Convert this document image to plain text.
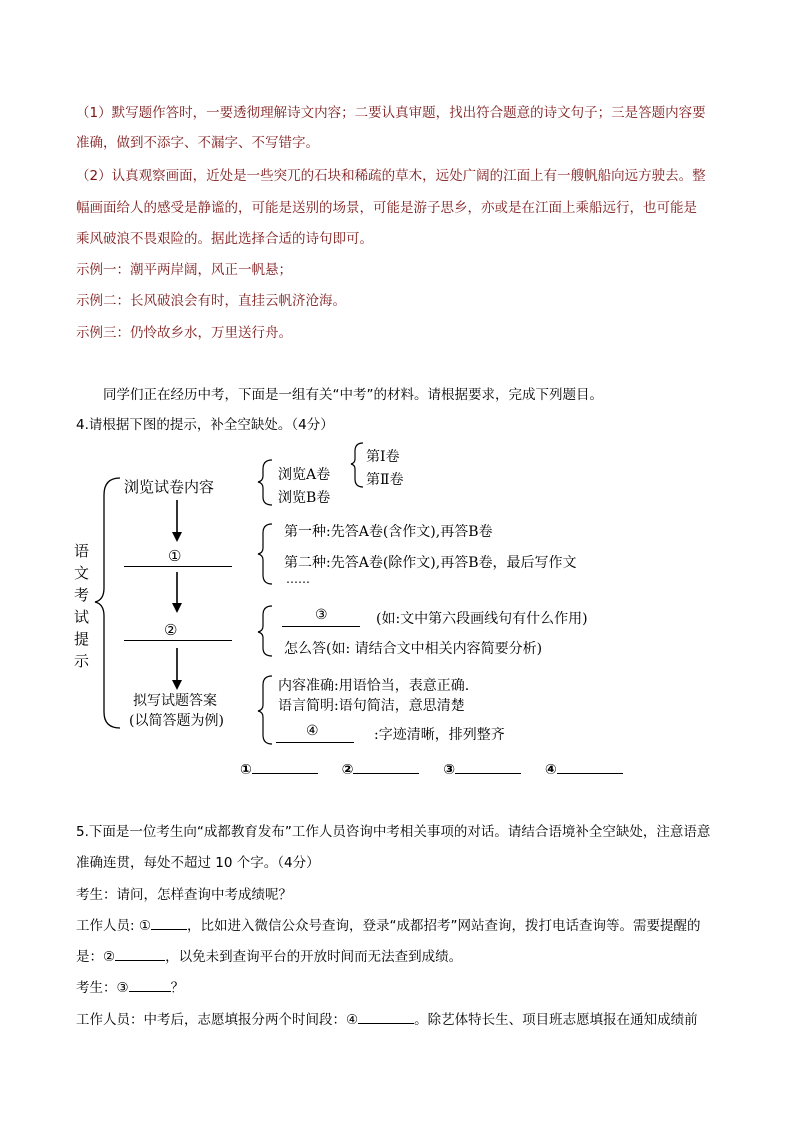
（1）默写题作答时，一要透彻理解诗文内容；二要认真审题，找出符合题意的诗文句子；三是答题内容要
准确，做到不添字、不漏字、不写错字。
（2）认真观察画面，近处是一些突兀的石块和稀疏的草木，远处广阔的江面上有一艘帆船向远方驶去。整
幅画面给人的感受是静谧的，可能是送别的场景，可能是游子思乡，亦或是在江面上乘船远行，也可能是
乘风破浪不畏艰险的。据此选择合适的诗句即可。
示例一：潮平两岸阔，风正一帆悬；
示例二：长风破浪会有时，直挂云帆济沧海。
示例三：仍怜故乡水，万里送行舟。
同学们正在经历中考，下面是一组有关“中考”的材料。请根据要求，完成下列题目。
4.请根据下图的提示，补全空缺处。（4分）
语
文
考
试
提
示
浏览试卷内容
浏览A卷
浏览B卷
第Ⅰ卷
第Ⅱ卷
①
第一种:先答A卷(含作文),再答B卷
第二种:先答A卷(除作文),再答B卷，最后写作文
……
②
③	(如:文中第六段画线句有什么作用)
怎么答(如: 请结合文中相关内容简要分析)
拟写试题答案
(以简答题为例)
内容准确:用语恰当，表意正确.
语言简明:语句简洁，意思清楚
④	:字迹清晰，排列整齐
①	②	③	④
5.下面是一位考生向“成都教育发布”工作人员咨询中考相关事项的对话。请结合语境补全空缺处，注意语意
准确连贯，每处不超过 10 个字。（4分）
考生：请问，怎样查询中考成绩呢？
工作人员: ①	，比如进入微信公众号查询，登录“成都招考”网站查询，拨打电话查询等。需要提醒的
是：②	，以免未到查询平台的开放时间而无法查到成绩。
考生：③	？
工作人员：中考后，志愿填报分两个时间段：④	。除艺体特长生、项目班志愿填报在通知成绩前
